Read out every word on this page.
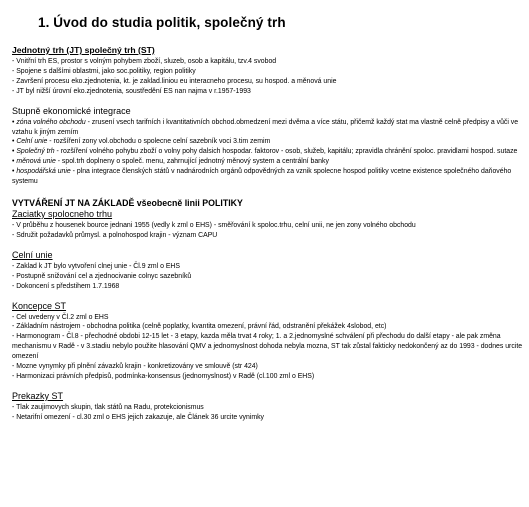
1. Úvod do studia politik, společný trh
Jednotný trh (JT) společný trh (ST)
- Vnitřní trh ES, prostor s volným pohybem zboží, sluzeb, osob a kapitálu, tzv.4 svobod
- Spojene s dalšími oblastmi, jako soc.politiky, region politiky
- Završení procesu eko.zjednotenia, kt. je zaklad.liniou eu interacneho procesu, su hospod. a měnová unie
- JT byl nižší úrovní eko.zjednotenia, soustředění ES nan najma v r.1957-1993
Stupně ekonomické integrace
• zóna volného obchodu - zrusení vsech tarifních i kvantitativních obchod.obmedzení mezi dvěma a více státu, přičemž každý stat ma vlastně celně předpisy a vůči ve vztahu k jiným zemím
• Celní unie - rozšíření zony vol.obchodu o spolecne celní sazebník voci 3.tim zemim
• Společný trh - rozšíření volného pohybu zboží o volny pohy dalsich hospodar. faktorov - osob, služeb, kapitálu; zpravidla chránění spoloc. pravidlami hospod. sutaze
• měnová unie - spol.trh doplneny o společ. menu, zahrnující jednotný měnový system a centrální banky
• hospodářská unie - plna integrace členských států v nadnárodních orgánů odpovědných za vznik spolecne hospod politiky vcetne existence společného daňového systemu
VYTVÁŘENÍ JT NA ZÁKLADĚ všeobecně linii POLITIKY
Zaciatky spolocneho trhu
- V průběhu z housenek bource jednani 1955 (vedly k zml o EHS) - směřování k spoloc.trhu, celní unii, ne jen zony volného obchodu
- Sdružit požadavků průmysl. a polnohospod krajin - význam CAPU
Celní unie
- Zaklad k JT bylo vytvoření clnej unie - Čl.9 zml o EHS
- Postupně snižování cel a zjednocivanie colnyc sazebníků
- Dokoncení s předstihem 1.7.1968
Koncepce ST
- Cel uvedeny v Čl.2 zml o EHS
- Základním nástrojem - obchodna politika (celně poplatky, kvantita omezení, právní řád, odstranění překážek 4slobod, etc)
- Harmonogram - Čl.8 - přechodné obdobi 12-15 let - 3 etapy, kazda měla trvat 4 roky; 1. a 2.jednomyslné schválení při přechodu do další etapy - ale pak změna mechanismu v Radě - v 3.stadiu nebylo použite hlasování QMV a jednomyslnost dohoda nebyla mozna, ST tak zůstal fakticky nedokončený az do 1993 - dodnes urcite omezení
- Mozne vynymky při plnění závazků krajin - konkretizovány ve smlouvě (str 424)
- Harmonizaci právních předpisů, podmínka-konsensus (jednomyslnost) v Radě (cl.100 zml o EHS)
Prekazky ST
- Tlak zaujimovych skupin, tlak států na Radu, protekcionismus
- Netarifní omezení - cl.30 zml o EHS jejich zakazuje, ale Článek 36 urcite vynimky
